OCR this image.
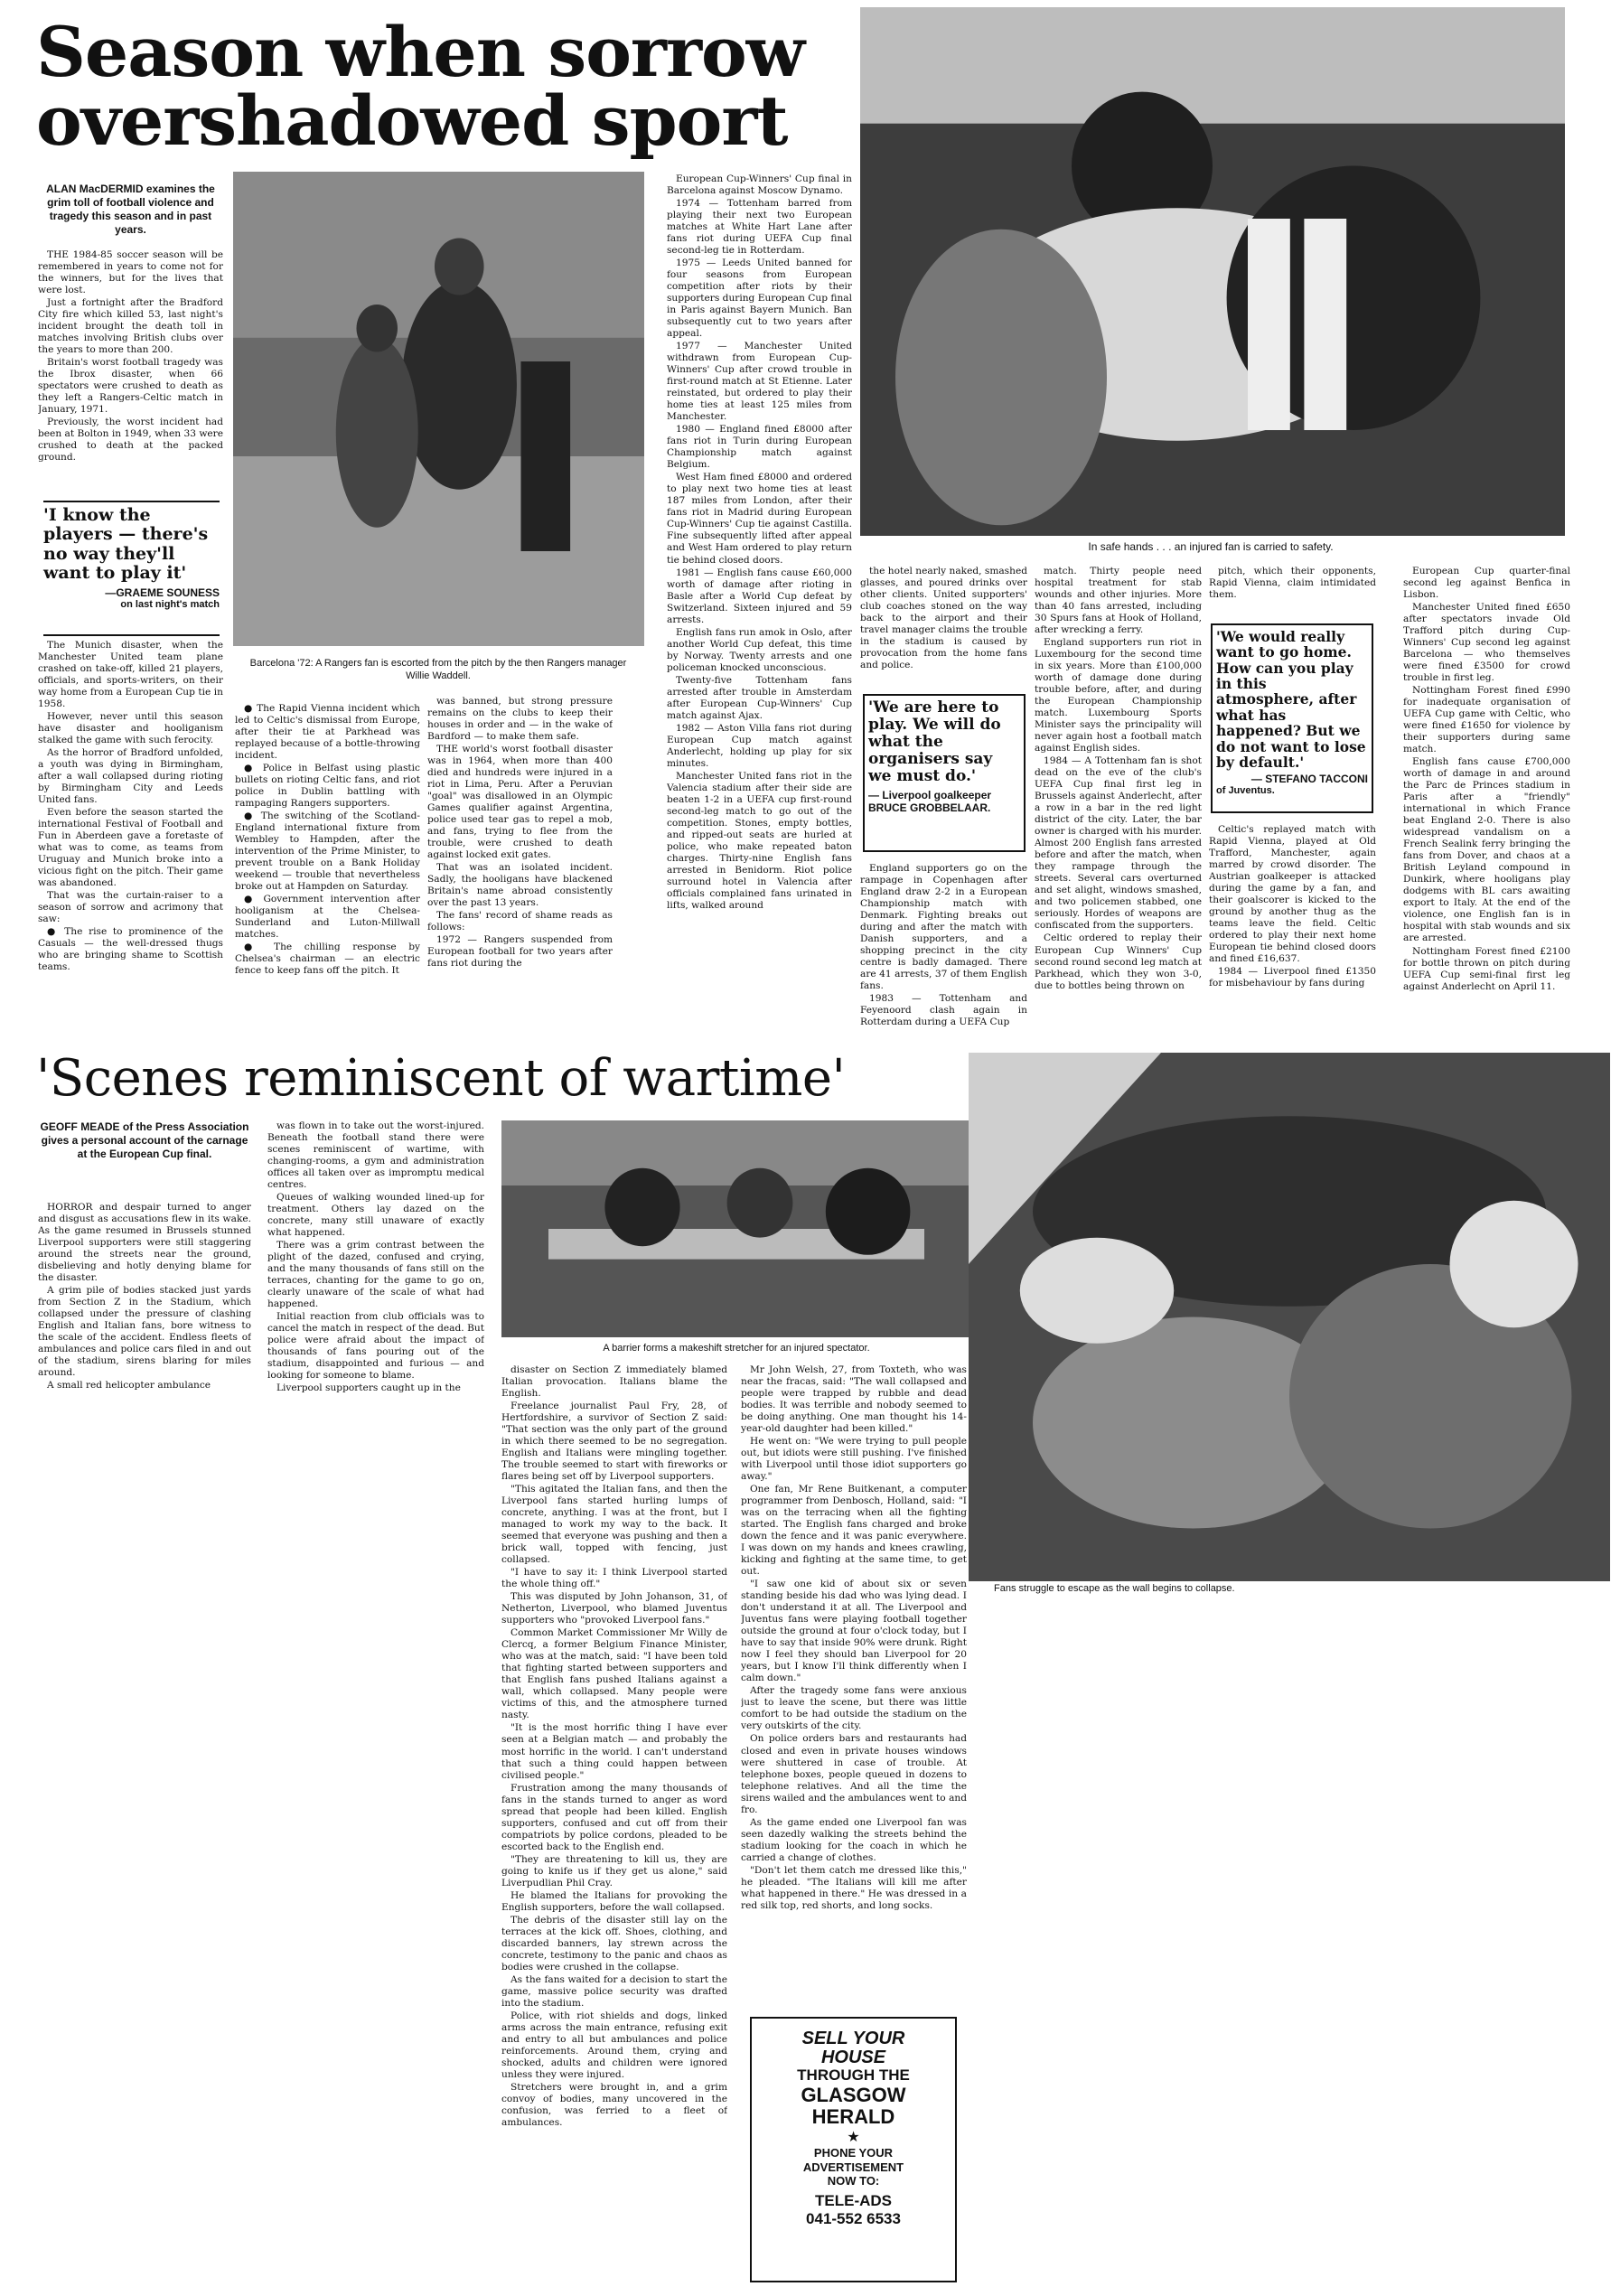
Season when sorrow overshadowed sport
ALAN MacDERMID examines the grim toll of football violence and tragedy this season and in past years.

THE 1984-85 soccer season will be remembered in years to come not for the winners, but for the lives that were lost.

Just a fortnight after the Bradford City fire which killed 53, last night's incident brought the death toll in matches involving British clubs over the years to more than 200.

Britain's worst football tragedy was the Ibrox disaster, when 66 spectators were crushed to death as they left a Rangers-Celtic match in January, 1971.

Previously, the worst incident had been at Bolton in 1949, when 33 were crushed to death at the packed ground.

'I know the players — there's no way they'll want to play it'
—GRAEME SOUNESS
on last night's match

The Munich disaster, when the Manchester United team plane crashed on take-off, killed 21 players, officials, and sports-writers, on their way home from a European Cup tie in 1958.

However, never until this season have disaster and hooliganism stalked the game with such ferocity.

As the horror of Bradford unfolded, a youth was dying in Birmingham, after a wall collapsed during rioting by Birmingham City and Leeds United fans.

Even before the season started the international Festival of Football and Fun in Aberdeen gave a foretaste of what was to come, as teams from Uruguay and Munich broke into a vicious fight on the pitch. Their game was abandoned.

That was the curtain-raiser to a season of sorrow and acrimony that saw:

● The rise to prominence of the Casuals — the well-dressed thugs who are bringing shame to Scottish teams.

Barcelona '72: A Rangers fan is escorted from the pitch by the then Rangers manager Willie Waddell.

● The Rapid Vienna incident which led to Celtic's dismissal from Europe, after their tie at Parkhead was replayed because of a bottle-throwing incident.

● Police in Belfast using plastic bullets on rioting Celtic fans, and riot police in Dublin battling with rampaging Rangers supporters.

● The switching of the Scotland-England international fixture from Wembley to Hampden, after the intervention of the Prime Minister, to prevent trouble on a Bank Holiday weekend — trouble that nevertheless broke out at Hampden on Saturday.

● Government intervention after hooliganism at the Chelsea-Sunderland and Luton-Millwall matches.

● The chilling response by Chelsea's chairman — an electric fence to keep fans off the pitch. It

was banned, but strong pressure remains on the clubs to keep their houses in order and — in the wake of Bardford — to make them safe.

THE world's worst football disaster was in 1964, when more than 400 died and hundreds were injured in a riot in Lima, Peru. After a Peruvian "goal" was disallowed in an Olympic Games qualifier against Argentina, police used tear gas to repel a mob, and fans, trying to flee from the trouble, were crushed to death against locked exit gates.

That was an isolated incident. Sadly, the hooligans have blackened Britain's name abroad consistently over the past 13 years.

The fans' record of shame reads as follows:

1972 — Rangers suspended from European football for two years after fans riot during the

European Cup-Winners' Cup final in Barcelona against Moscow Dynamo.

1974 — Tottenham barred from playing their next two European matches at White Hart Lane after fans riot during UEFA Cup final second-leg tie in Rotterdam.

1975 — Leeds United banned for four seasons from European competition after riots by their supporters during European Cup final in Paris against Bayern Munich. Ban subsequently cut to two years after appeal.

1977 — Manchester United withdrawn from European Cup-Winners' Cup after crowd trouble in first-round match at St Etienne. Later reinstated, but ordered to play their home ties at least 125 miles from Manchester.

1980 — England fined £8000 after fans riot in Turin during European Championship match against Belgium.

West Ham fined £8000 and ordered to play next two home ties at least 187 miles from London, after their fans riot in Madrid during European Cup-Winners' Cup tie against Castilla. Fine subsequently lifted after appeal and West Ham ordered to play return tie behind closed doors.

1981 — English fans cause £60,000 worth of damage after rioting in Basle after a World Cup defeat by Switzerland. Sixteen injured and 59 arrests.

English fans run amok in Oslo, after another World Cup defeat, this time by Norway. Twenty arrests and one policeman knocked unconscious.

Twenty-five Tottenham fans arrested after trouble in Amsterdam after European Cup-Winners' Cup match against Ajax.

1982 — Aston Villa fans riot during European Cup match against Anderlecht, holding up play for six minutes.

Manchester United fans riot in the Valencia stadium after their side are beaten 1-2 in a UEFA cup first-round second-leg match to go out of the competition. Stones, empty bottles, and ripped-out seats are hurled at police, who make repeated baton charges. Thirty-nine English fans arrested in Benidorm. Riot police surround hotel in Valencia after officials complained fans urinated in lifts, walked around

In safe hands . . . an injured fan is carried to safety.

the hotel nearly naked, smashed glasses, and poured drinks over other clients. United supporters' club coaches stoned on the way back to the airport and their travel manager claims the trouble in the stadium is caused by provocation from the home fans and police.

'We are here to play. We will do what the organisers say we must do.'
— Liverpool goalkeeper BRUCE GROBBELAAR.

England supporters go on the rampage in Copenhagen after England draw 2-2 in a European Championship match with Denmark. Fighting breaks out during and after the match with Danish supporters, and a shopping precinct in the city centre is badly damaged. There are 41 arrests, 37 of them English fans.

1983 — Tottenham and Feyenoord clash again in Rotterdam during a UEFA Cup

match. Thirty people need hospital treatment for stab wounds and other injuries. More than 40 fans arrested, including 30 Spurs fans at Hook of Holland, after wrecking a ferry.

England supporters run riot in Luxembourg for the second time in six years. More than £100,000 worth of damage done during trouble before, after, and during the European Championship match. Luxembourg Sports Minister says the principality will never again host a football match against English sides.

1984 — A Tottenham fan is shot dead on the eve of the club's UEFA Cup final first leg in Brussels against Anderlecht, after a row in a bar in the red light district of the city. Later, the bar owner is charged with his murder. Almost 200 English fans arrested before and after the match, when they rampage through the streets. Several cars overturned and set alight, windows smashed, and two policemen stabbed, one seriously. Hordes of weapons are confiscated from the supporters.

Celtic ordered to replay their European Cup Winners' Cup second round second leg match at Parkhead, which they won 3-0, due to bottles being thrown on

pitch, which their opponents, Rapid Vienna, claim intimidated them.

'We would really want to go home. How can you play in this atmosphere, after what has happened? But we do not want to lose by default.'
— STEFANO TACCONI
of Juventus.

Celtic's replayed match with Rapid Vienna, played at Old Trafford, Manchester, again marred by crowd disorder. The Austrian goalkeeper is attacked during the game by a fan, and their goalscorer is kicked to the ground by another thug as the teams leave the field. Celtic ordered to play their next home European tie behind closed doors and fined £16,637.

1984 — Liverpool fined £1350 for misbehaviour by fans during

European Cup quarter-final second leg against Benfica in Lisbon.

Manchester United fined £650 after spectators invade Old Trafford pitch during Cup-Winners' Cup second leg against Barcelona — who themselves were fined £3500 for crowd trouble in first leg.

Nottingham Forest fined £990 for inadequate organisation of UEFA Cup game with Celtic, who were fined £1650 for violence by their supporters during same match.

English fans cause £700,000 worth of damage in and around the Parc de Princes stadium in Paris after a "friendly" international in which France beat England 2-0. There is also widespread vandalism on a French Sealink ferry bringing the fans from Dover, and chaos at a British Leyland compound in Dunkirk, where hooligans play dodgems with BL cars awaiting export to Italy. At the end of the violence, one English fan is in hospital with stab wounds and six are arrested.

Nottingham Forest fined £2100 for bottle thrown on pitch during UEFA Cup semi-final first leg against Anderlecht on April 11.

'Scenes reminiscent of wartime'
GEOFF MEADE of the Press Association gives a personal account of the carnage at the European Cup final.

HORROR and despair turned to anger and disgust as accusations flew in its wake. As the game resumed in Brussels stunned Liverpool supporters were still staggering around the streets near the ground, disbelieving and hotly denying blame for the disaster.

A grim pile of bodies stacked just yards from Section Z in the Stadium, which collapsed under the pressure of clashing English and Italian fans, bore witness to the scale of the accident. Endless fleets of ambulances and police cars filed in and out of the stadium, sirens blaring for miles around.

A small red helicopter ambulance

was flown in to take out the worst-injured. Beneath the football stand there were scenes reminiscent of wartime, with changing-rooms, a gym and administration offices all taken over as impromptu medical centres.

Queues of walking wounded lined-up for treatment. Others lay dazed on the concrete, many still unaware of exactly what happened.

There was a grim contrast between the plight of the dazed, confused and crying, and the many thousands of fans still on the terraces, chanting for the game to go on, clearly unaware of the scale of what had happened.

Initial reaction from club officials was to cancel the match in respect of the dead. But police were afraid about the impact of thousands of fans pouring out of the stadium, disappointed and furious — and looking for someone to blame.

Liverpool supporters caught up in the

A barrier forms a makeshift stretcher for an injured spectator.
Fans struggle to escape as the wall begins to collapse.

disaster on Section Z immediately blamed Italian provocation. Italians blame the English.

Freelance journalist Paul Fry, 28, of Hertfordshire, a survivor of Section Z said: "That section was the only part of the ground in which there seemed to be no segregation. English and Italians were mingling together. The trouble seemed to start with fireworks or flares being set off by Liverpool supporters.

"This agitated the Italian fans, and then the Liverpool fans started hurling lumps of concrete, anything. I was at the front, but I managed to work my way to the back. It seemed that everyone was pushing and then a brick wall, topped with fencing, just collapsed.

"I have to say it: I think Liverpool started the whole thing off."

This was disputed by John Johanson, 31, of Netherton, Liverpool, who blamed Juventus supporters who "provoked Liverpool fans."

Common Market Commissioner Mr Willy de Clercq, a former Belgium Finance Minister, who was at the match, said: "I have been told that fighting started between supporters and that English fans pushed Italians against a wall, which collapsed. Many people were victims of this, and the atmosphere turned nasty.

"It is the most horrific thing I have ever seen at a Belgian match — and probably the most horrific in the world. I can't understand that such a thing could happen between civilised people."

Frustration among the many thousands of fans in the stands turned to anger as word spread that people had been killed. English supporters, confused and cut off from their compatriots by police cordons, pleaded to be escorted back to the English end.

"They are threatening to kill us, they are going to knife us if they get us alone," said Liverpudlian Phil Cray.

He blamed the Italians for provoking the English supporters, before the wall collapsed.

The debris of the disaster still lay on the terraces at the kick off. Shoes, clothing, and discarded banners, lay strewn across the concrete, testimony to the panic and chaos as bodies were crushed in the collapse.

As the fans waited for a decision to start the game, massive police security was drafted into the stadium.

Police, with riot shields and dogs, linked arms across the main entrance, refusing exit and entry to all but ambulances and police reinforcements. Around them, crying and shocked, adults and children were ignored unless they were injured.

Stretchers were brought in, and a grim convoy of bodies, many uncovered in the confusion, was ferried to a fleet of ambulances.

Mr John Welsh, 27, from Toxteth, who was near the fracas, said: "The wall collapsed and people were trapped by rubble and dead bodies. It was terrible and nobody seemed to be doing anything. One man thought his 14-year-old daughter had been killed."

He went on: "We were trying to pull people out, but idiots were still pushing. I've finished with Liverpool until those idiot supporters go away."

One fan, Mr Rene Buitkenant, a computer programmer from Denbosch, Holland, said: "I was on the terracing when all the fighting started. The English fans charged and broke down the fence and it was panic everywhere. I was down on my hands and knees crawling, kicking and fighting at the same time, to get out.

"I saw one kid of about six or seven standing beside his dad who was lying dead. I don't understand it at all. The Liverpool and Juventus fans were playing football together outside the ground at four o'clock today, but I have to say that inside 90% were drunk. Right now I feel they should ban Liverpool for 20 years, but I know I'll think differently when I calm down."

After the tragedy some fans were anxious just to leave the scene, but there was little comfort to be had outside the stadium on the very outskirts of the city.

On police orders bars and restaurants had closed and even in private houses windows were shuttered in case of trouble. At telephone boxes, people queued in dozens to telephone relatives. And all the time the sirens wailed and the ambulances went to and fro.

As the game ended one Liverpool fan was seen dazedly walking the streets behind the stadium looking for the coach in which he carried a change of clothes.

"Don't let them catch me dressed like this," he pleaded. "The Italians will kill me after what happened in there." He was dressed in a red silk top, red shorts, and long socks.

SELL YOUR
HOUSE
THROUGH THE
GLASGOW
HERALD
★
PHONE YOUR
ADVERTISEMENT
NOW TO:
TELE-ADS
041-552 6533
